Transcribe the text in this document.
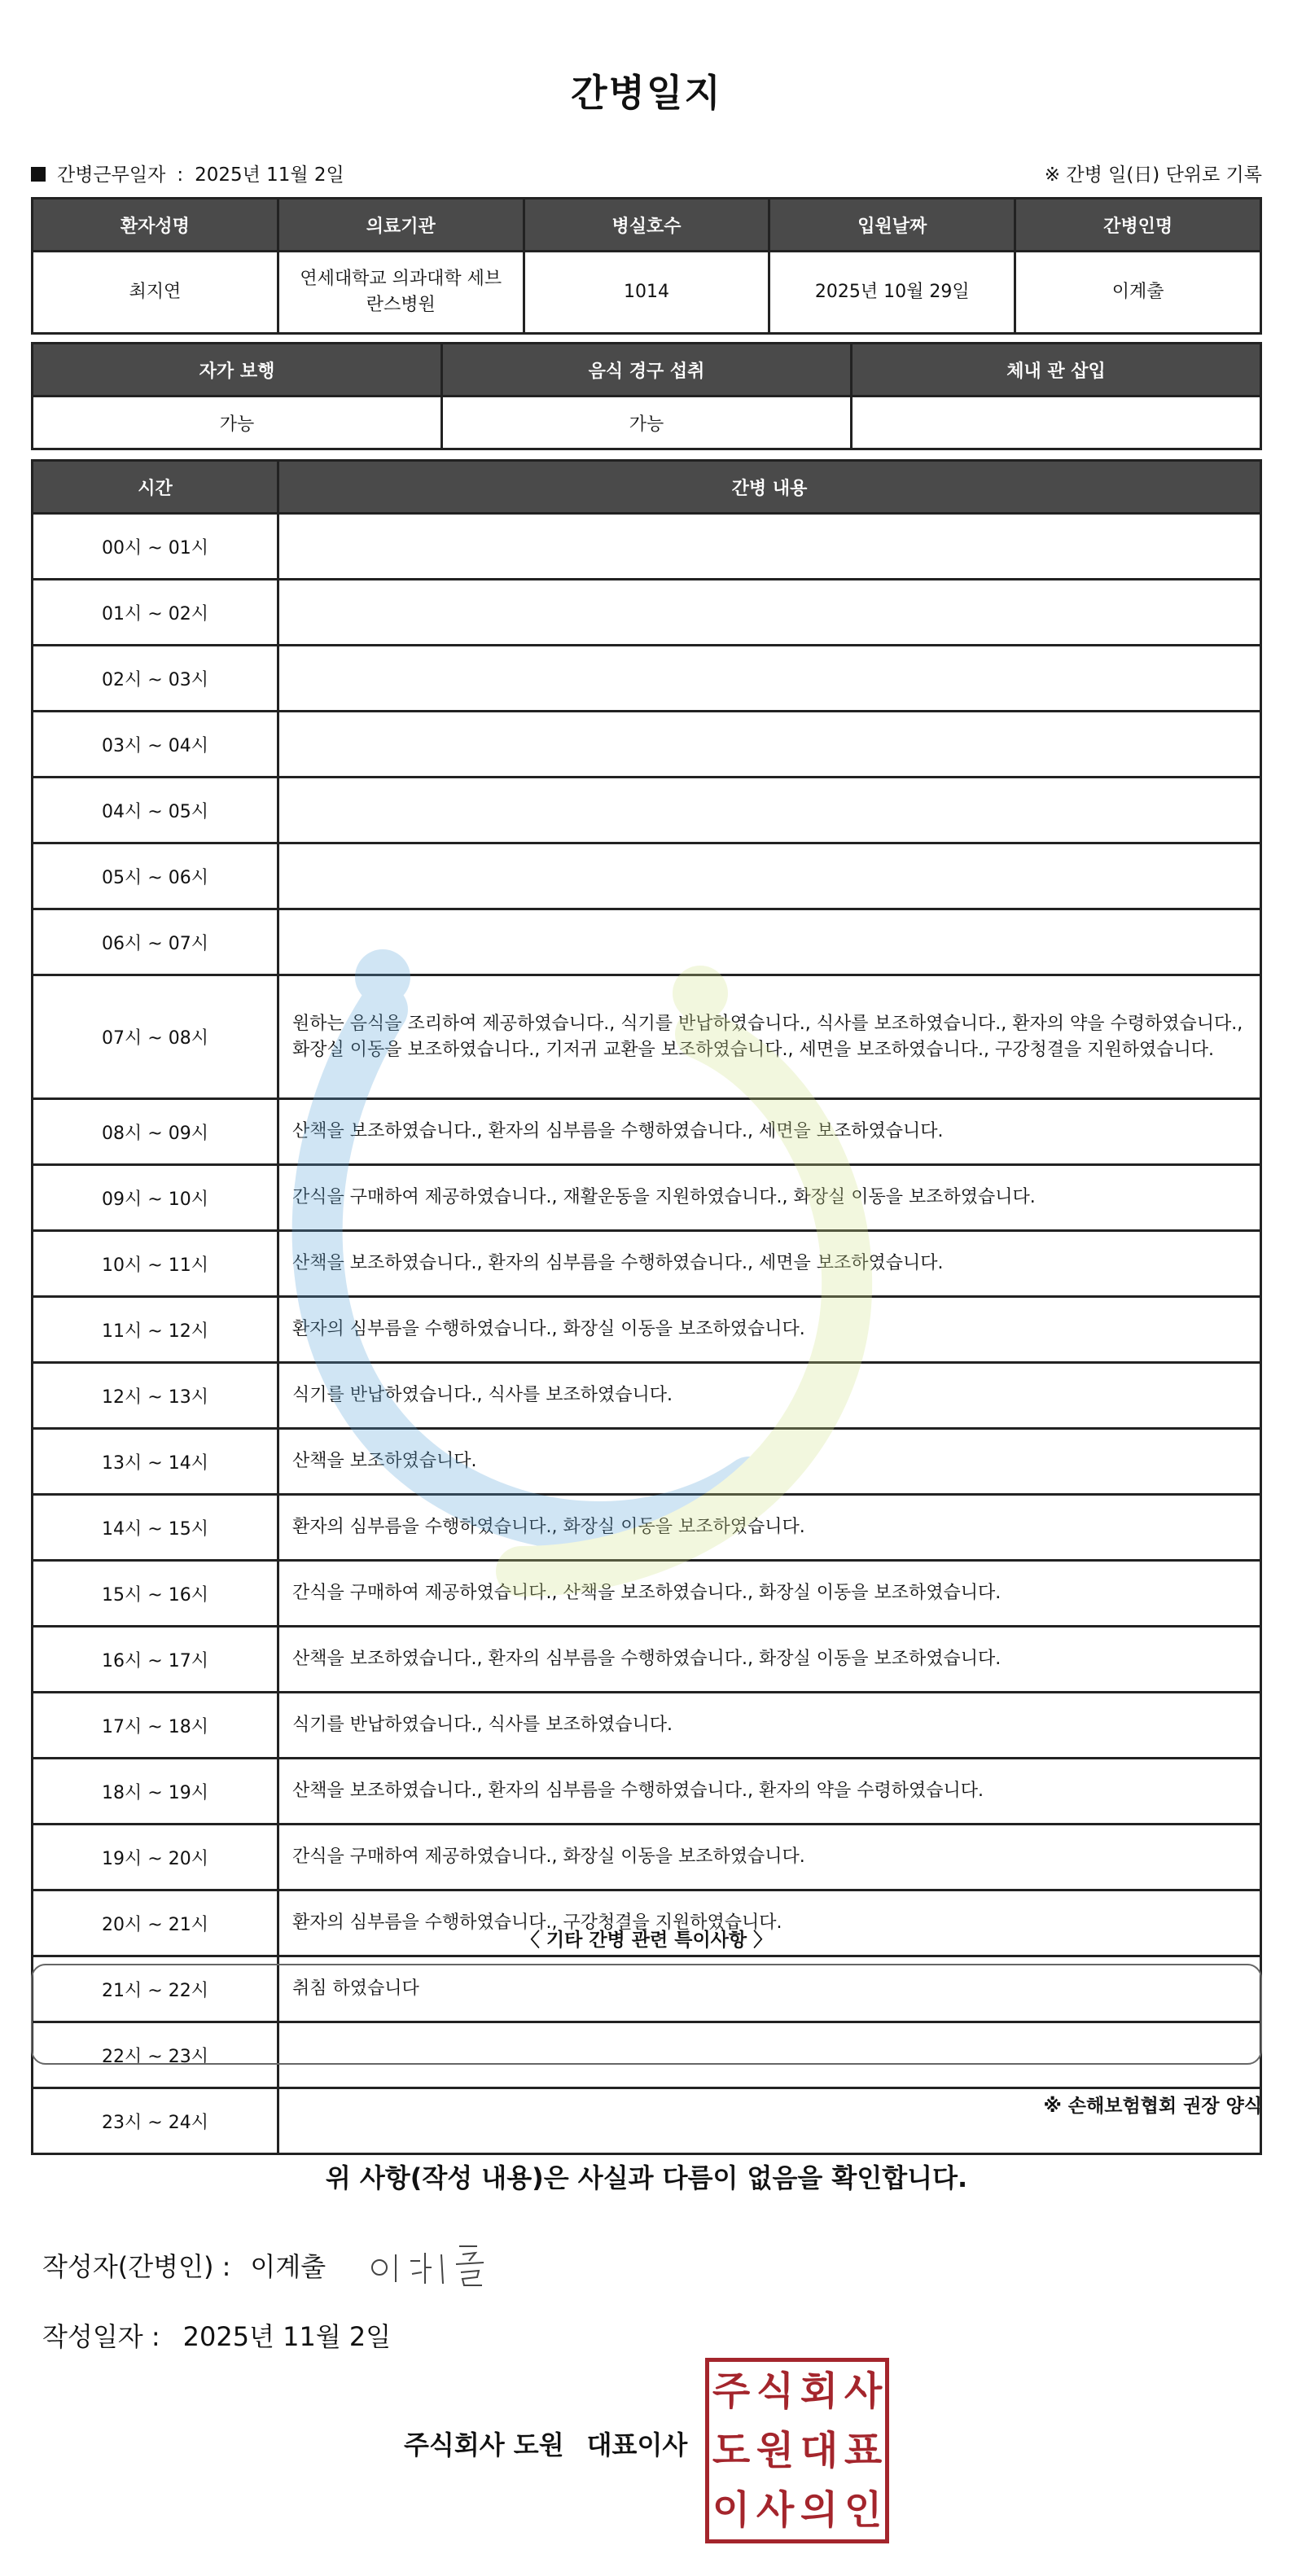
간병일지
간병근무일자 : 2025년 11월 2일	※ 간병 일(日) 단위로 기록
환자성명	의료기관	병실호수	입원날짜	간병인명
최지연	연세대학교 의과대학 세브란스병원	1014	2025년 10월 29일	이계출
자가 보행	음식 경구 섭취	체내 관 삽입
가능	가능	
시간	간병 내용
00시 ~ 01시	
01시 ~ 02시	
02시 ~ 03시	
03시 ~ 04시	
04시 ~ 05시	
05시 ~ 06시	
06시 ~ 07시	
07시 ~ 08시	원하는 음식을 조리하여 제공하였습니다., 식기를 반납하였습니다., 식사를 보조하였습니다., 환자의 약을 수령하였습니다., 화장실 이동을 보조하였습니다., 기저귀 교환을 보조하였습니다., 세면을 보조하였습니다., 구강청결을 지원하였습니다.
08시 ~ 09시	산책을 보조하였습니다., 환자의 심부름을 수행하였습니다., 세면을 보조하였습니다.
09시 ~ 10시	간식을 구매하여 제공하였습니다., 재활운동을 지원하였습니다., 화장실 이동을 보조하였습니다.
10시 ~ 11시	산책을 보조하였습니다., 환자의 심부름을 수행하였습니다., 세면을 보조하였습니다.
11시 ~ 12시	환자의 심부름을 수행하였습니다., 화장실 이동을 보조하였습니다.
12시 ~ 13시	식기를 반납하였습니다., 식사를 보조하였습니다.
13시 ~ 14시	산책을 보조하였습니다.
14시 ~ 15시	환자의 심부름을 수행하였습니다., 화장실 이동을 보조하였습니다.
15시 ~ 16시	간식을 구매하여 제공하였습니다., 산책을 보조하였습니다., 화장실 이동을 보조하였습니다.
16시 ~ 17시	산책을 보조하였습니다., 환자의 심부름을 수행하였습니다., 화장실 이동을 보조하였습니다.
17시 ~ 18시	식기를 반납하였습니다., 식사를 보조하였습니다.
18시 ~ 19시	산책을 보조하였습니다., 환자의 심부름을 수행하였습니다., 환자의 약을 수령하였습니다.
19시 ~ 20시	간식을 구매하여 제공하였습니다., 화장실 이동을 보조하였습니다.
20시 ~ 21시	환자의 심부름을 수행하였습니다., 구강청결을 지원하였습니다.
21시 ~ 22시	취침 하였습니다
22시 ~ 23시	
23시 ~ 24시	
〈 기타 간병 관련 특이사항 〉
※ 손해보험협회 권장 양식
위 사항(작성 내용)은 사실과 다름이 없음을 확인합니다.
작성자(간병인) : 이계출
작성일자 : 2025년 11월 2일
주식회사 도원 대표이사
주 식 회 사
도 원 대 표
이 사 의 인
